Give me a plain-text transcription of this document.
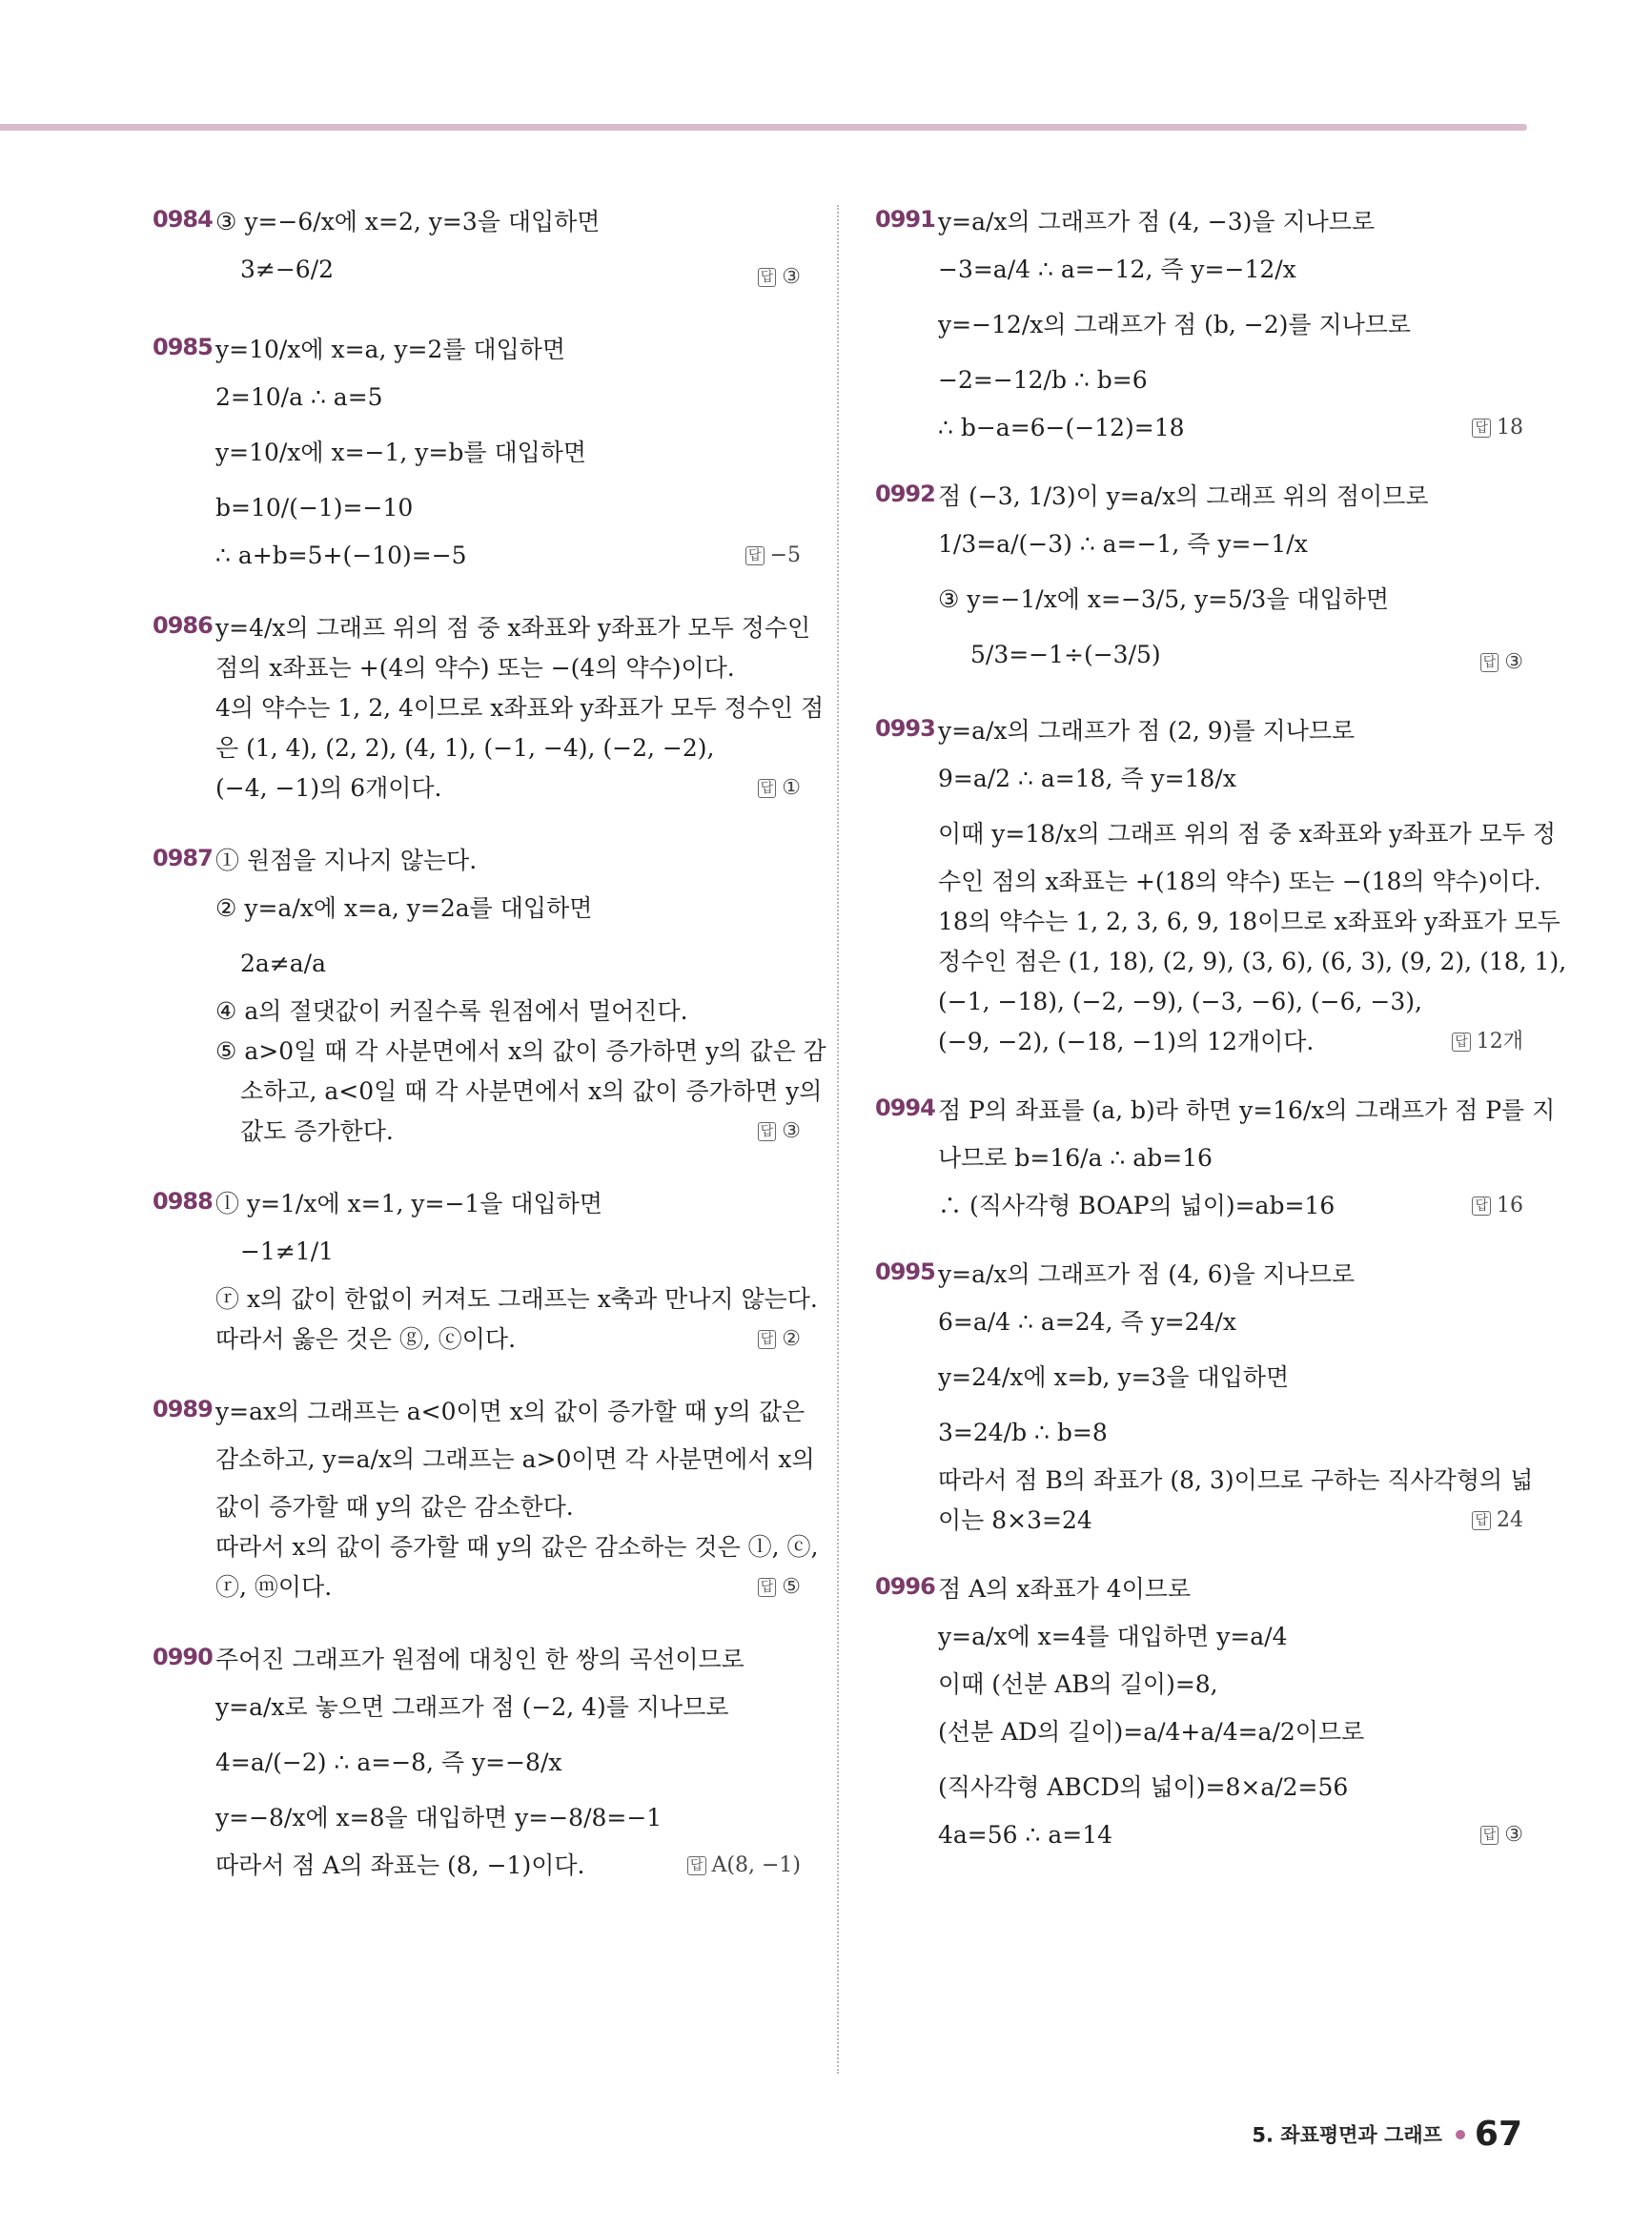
0984 ③ y=−6/x에 x=2, y=3을 대입하면
3≠−6/2	답 ③
0985 y=10/x에 x=a, y=2를 대입하면
2=10/a ∴ a=5
y=10/x에 x=−1, y=b를 대입하면
b=10/(−1)=−10
∴ a+b=5+(−10)=−5	답 −5
0986 y=4/x의 그래프 위의 점 중 x좌표와 y좌표가 모두 정수인
점의 x좌표는 +(4의 약수) 또는 −(4의 약수)이다.
4의 약수는 1, 2, 4이므로 x좌표와 y좌표가 모두 정수인 점
은 (1, 4), (2, 2), (4, 1), (−1, −4), (−2, −2),
(−4, −1)의 6개이다.	답 ①
0987 ① 원점을 지나지 않는다.
② y=a/x에 x=a, y=2a를 대입하면
2a≠a/a
④ a의 절댓값이 커질수록 원점에서 멀어진다.
⑤ a>0일 때 각 사분면에서 x의 값이 증가하면 y의 값은 감
소하고, a<0일 때 각 사분면에서 x의 값이 증가하면 y의
값도 증가한다.	답 ③
0988 ⓛ y=1/x에 x=1, y=−1을 대입하면
−1≠1/1
ⓡ x의 값이 한없이 커져도 그래프는 x축과 만나지 않는다.
따라서 옳은 것은 ⓖ, ⓒ이다.	답 ②
0989 y=ax의 그래프는 a<0이면 x의 값이 증가할 때 y의 값은
감소하고, y=a/x의 그래프는 a>0이면 각 사분면에서 x의
값이 증가할 때 y의 값은 감소한다.
따라서 x의 값이 증가할 때 y의 값은 감소하는 것은 ⓛ, ⓒ,
ⓡ, ⓜ이다.	답 ⑤
0990 주어진 그래프가 원점에 대칭인 한 쌍의 곡선이므로
y=a/x로 놓으면 그래프가 점 (−2, 4)를 지나므로
4=a/(−2) ∴ a=−8, 즉 y=−8/x
y=−8/x에 x=8을 대입하면 y=−8/8=−1
따라서 점 A의 좌표는 (8, −1)이다.	답 A(8, −1)
0991 y=a/x의 그래프가 점 (4, −3)을 지나므로
−3=a/4 ∴ a=−12, 즉 y=−12/x
y=−12/x의 그래프가 점 (b, −2)를 지나므로
−2=−12/b ∴ b=6
∴ b−a=6−(−12)=18	답 18
0992 점 (−3, 1/3)이 y=a/x의 그래프 위의 점이므로
1/3=a/(−3) ∴ a=−1, 즉 y=−1/x
③ y=−1/x에 x=−3/5, y=5/3을 대입하면
5/3=−1÷(−3/5)	답 ③
0993 y=a/x의 그래프가 점 (2, 9)를 지나므로
9=a/2 ∴ a=18, 즉 y=18/x
이때 y=18/x의 그래프 위의 점 중 x좌표와 y좌표가 모두 정
수인 점의 x좌표는 +(18의 약수) 또는 −(18의 약수)이다.
18의 약수는 1, 2, 3, 6, 9, 18이므로 x좌표와 y좌표가 모두
정수인 점은 (1, 18), (2, 9), (3, 6), (6, 3), (9, 2), (18, 1),
(−1, −18), (−2, −9), (−3, −6), (−6, −3),
(−9, −2), (−18, −1)의 12개이다.	답 12개
0994 점 P의 좌표를 (a, b)라 하면 y=16/x의 그래프가 점 P를 지
나므로 b=16/a ∴ ab=16
∴ (직사각형 BOAP의 넓이)=ab=16	답 16
0995 y=a/x의 그래프가 점 (4, 6)을 지나므로
6=a/4 ∴ a=24, 즉 y=24/x
y=24/x에 x=b, y=3을 대입하면
3=24/b ∴ b=8
따라서 점 B의 좌표가 (8, 3)이므로 구하는 직사각형의 넓
이는 8×3=24	답 24
0996 점 A의 x좌표가 4이므로
y=a/x에 x=4를 대입하면 y=a/4
이때 (선분 AB의 길이)=8,
(선분 AD의 길이)=a/4+a/4=a/2이므로
(직사각형 ABCD의 넓이)=8×a/2=56
4a=56 ∴ a=14	답 ③
5. 좌표평면과 그래프 67
